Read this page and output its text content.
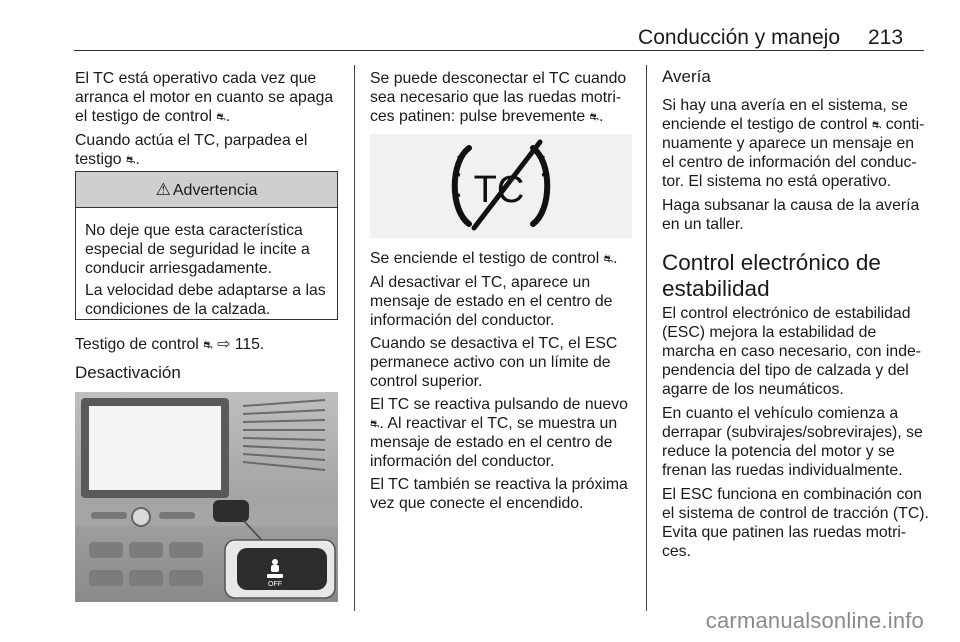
Conducción y manejo 213

El TC está operativo cada vez que

arranca el motor en cuanto se apaga

el testigo de control ⛐.

Cuando actúa el TC, parpadea el

testigo ⛐.

⚠ Advertencia

No deje que esta característica

especial de seguridad le incite a

conducir arriesgadamente.

La velocidad debe adaptarse a las

condiciones de la calzada.

Testigo de control ⛐ ⇨ 115.

Desactivación

OFF

Se puede desconectar el TC cuando

sea necesario que las ruedas motri-

ces patinen: pulse brevemente ⛐.

TC

Se enciende el testigo de control ⛐.

Al desactivar el TC, aparece un

mensaje de estado en el centro de

información del conductor.

Cuando se desactiva el TC, el ESC

permanece activo con un límite de

control superior.

El TC se reactiva pulsando de nuevo

⛐. Al reactivar el TC, se muestra un

mensaje de estado en el centro de

información del conductor.

El TC también se reactiva la próxima

vez que conecte el encendido.

Avería

Si hay una avería en el sistema, se

enciende el testigo de control ⛐ conti-

nuamente y aparece un mensaje en

el centro de información del conduc-

tor. El sistema no está operativo.

Haga subsanar la causa de la avería

en un taller.

Control electrónico de

estabilidad

El control electrónico de estabilidad

(ESC) mejora la estabilidad de

marcha en caso necesario, con inde-

pendencia del tipo de calzada y del

agarre de los neumáticos.

En cuanto el vehículo comienza a

derrapar (subvirajes/sobrevirajes), se

reduce la potencia del motor y se

frenan las ruedas individualmente.

El ESC funciona en combinación con

el sistema de control de tracción (TC).

Evita que patinen las ruedas motri-

ces.

carmanualsonline.info
